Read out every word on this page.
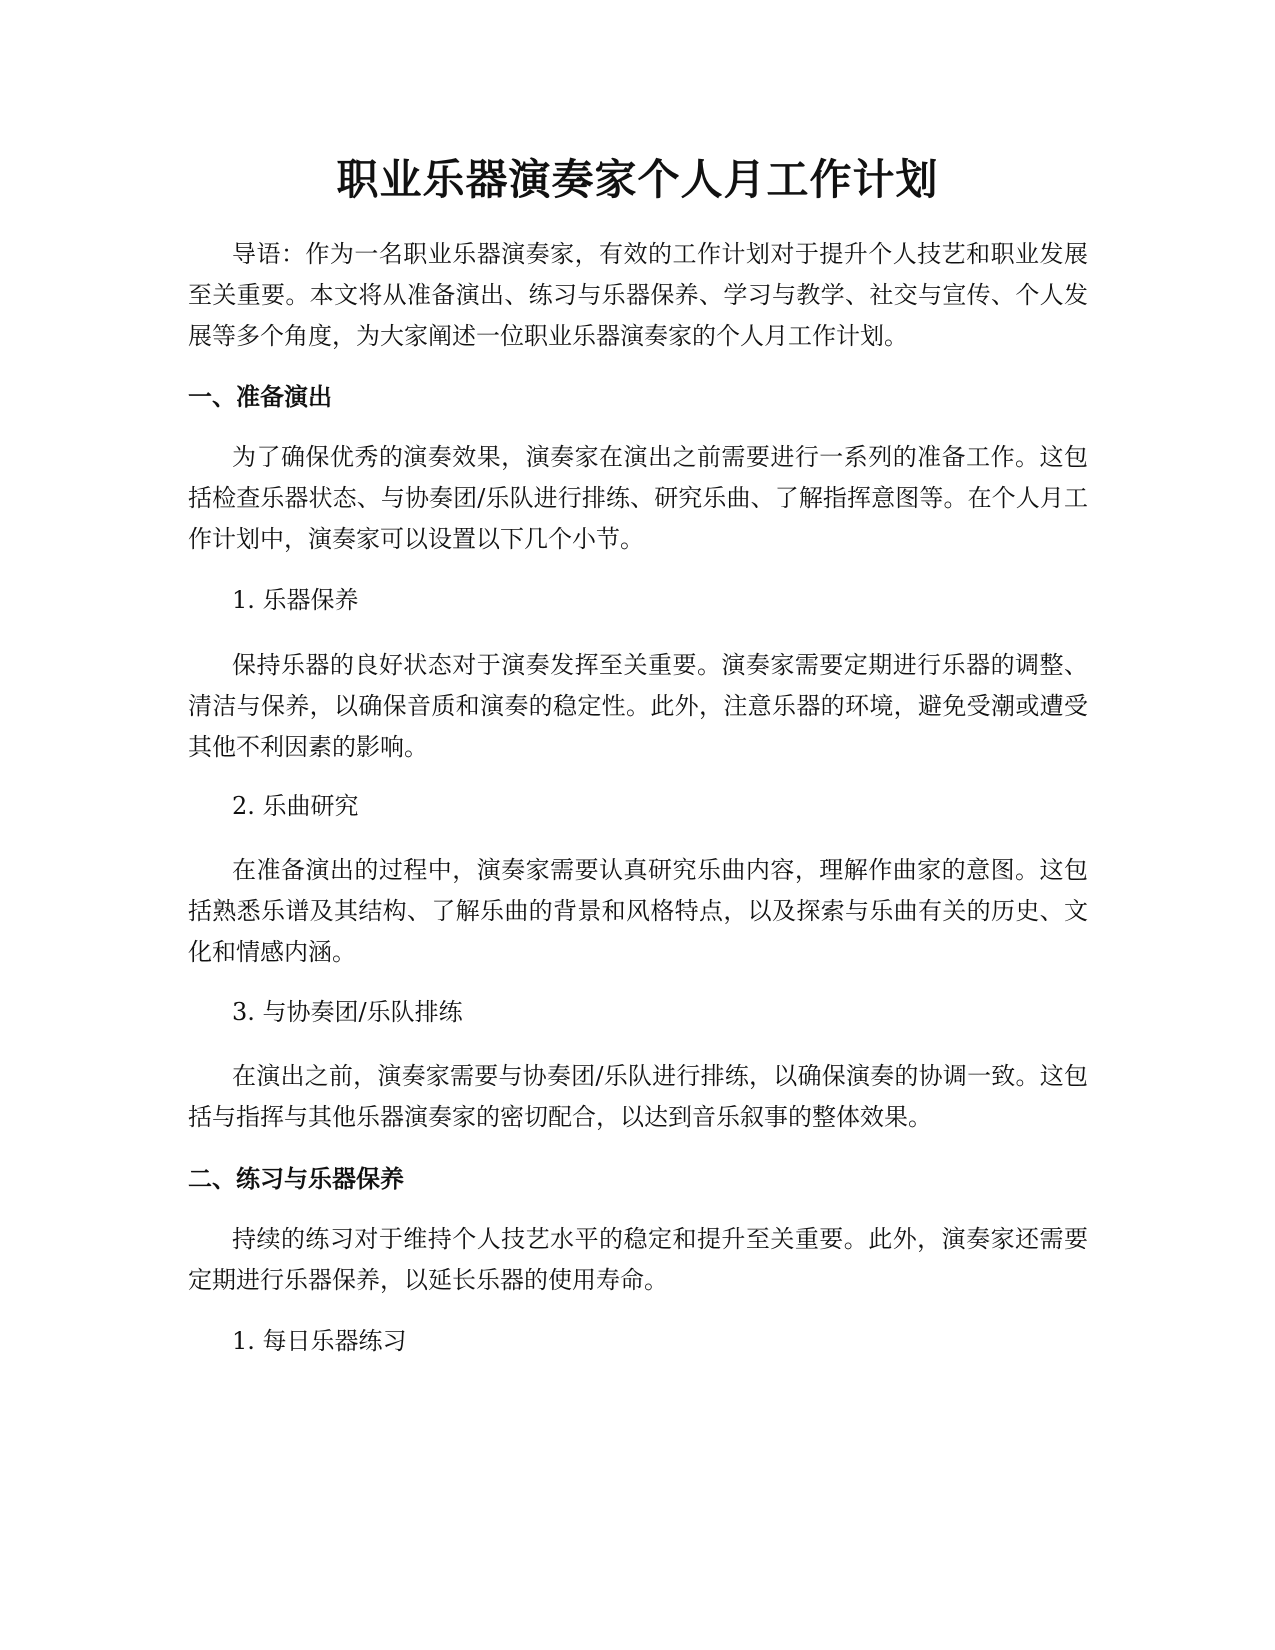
职业乐器演奏家个人月工作计划

导语：作为一名职业乐器演奏家，有效的工作计划对于提升个人技艺和职业发展至关重要。本文将从准备演出、练习与乐器保养、学习与教学、社交与宣传、个人发展等多个角度，为大家阐述一位职业乐器演奏家的个人月工作计划。

一、准备演出

为了确保优秀的演奏效果，演奏家在演出之前需要进行一系列的准备工作。这包括检查乐器状态、与协奏团/乐队进行排练、研究乐曲、了解指挥意图等。在个人月工作计划中，演奏家可以设置以下几个小节。

1. 乐器保养

保持乐器的良好状态对于演奏发挥至关重要。演奏家需要定期进行乐器的调整、清洁与保养，以确保音质和演奏的稳定性。此外，注意乐器的环境，避免受潮或遭受其他不利因素的影响。

2. 乐曲研究

在准备演出的过程中，演奏家需要认真研究乐曲内容，理解作曲家的意图。这包括熟悉乐谱及其结构、了解乐曲的背景和风格特点，以及探索与乐曲有关的历史、文化和情感内涵。

3. 与协奏团/乐队排练

在演出之前，演奏家需要与协奏团/乐队进行排练，以确保演奏的协调一致。这包括与指挥与其他乐器演奏家的密切配合，以达到音乐叙事的整体效果。

二、练习与乐器保养

持续的练习对于维持个人技艺水平的稳定和提升至关重要。此外，演奏家还需要定期进行乐器保养，以延长乐器的使用寿命。

1. 每日乐器练习
